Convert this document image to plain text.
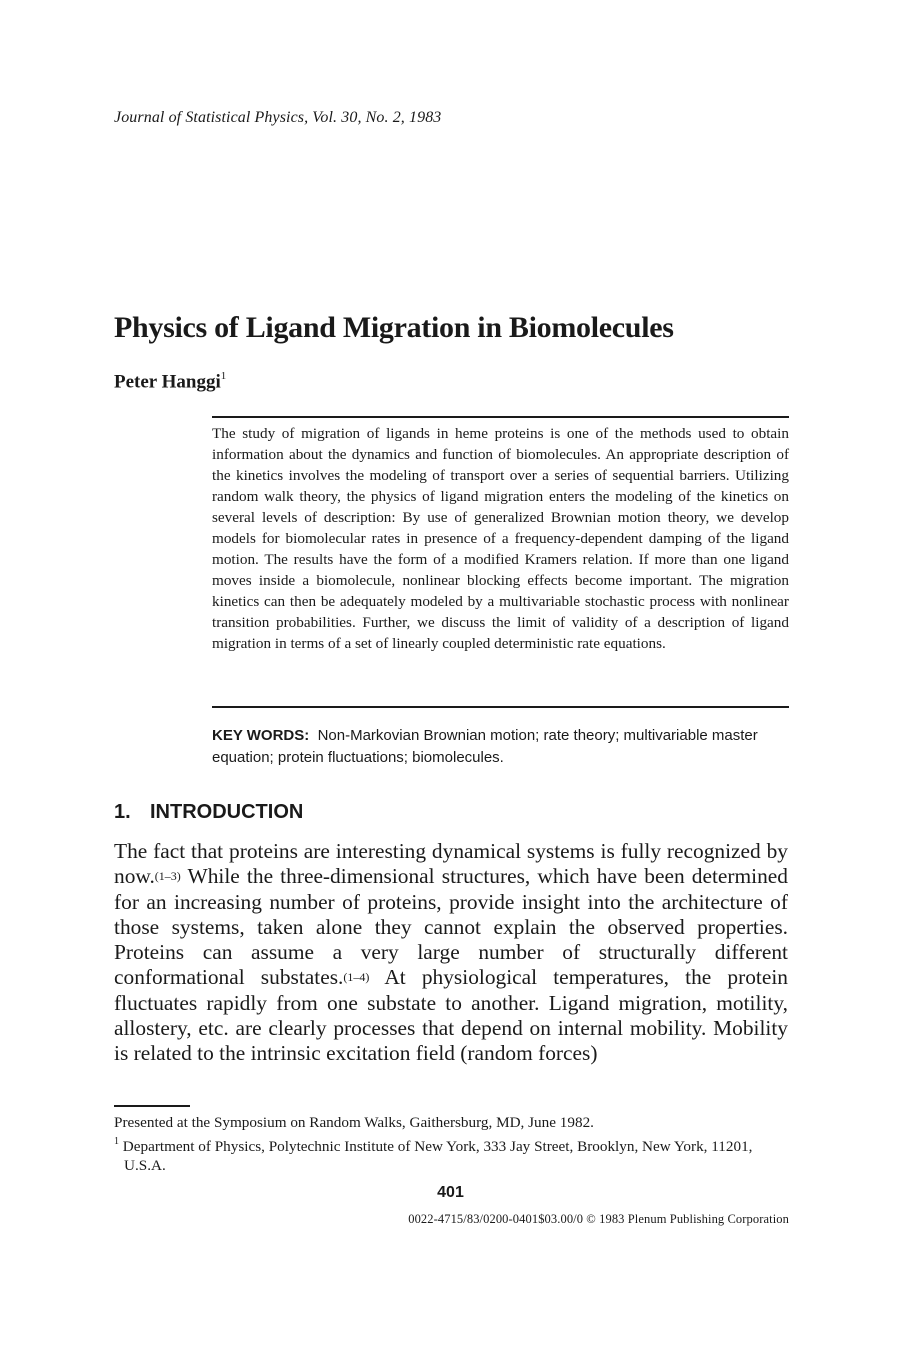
Journal of Statistical Physics, Vol. 30, No. 2, 1983
Physics of Ligand Migration in Biomolecules
Peter Hanggi$^1$

The study of migration of ligands in heme proteins is one of the methods used to obtain information about the dynamics and function of biomolecules. An appropriate description of the kinetics involves the modeling of transport over a series of sequential barriers. Utilizing random walk theory, the physics of ligand migration enters the modeling of the kinetics on several levels of description: By use of generalized Brownian motion theory, we develop models for biomolecular rates in presence of a frequency-dependent damping of the ligand motion. The results have the form of a modified Kramers relation. If more than one ligand moves inside a biomolecule, nonlinear blocking effects become important. The migration kinetics can then be adequately modeled by a multivariable stochastic process with nonlinear transition probabilities. Further, we discuss the limit of validity of a description of ligand migration in terms of a set of linearly coupled deterministic rate equations.

KEY WORDS: Non-Markovian Brownian motion; rate theory; multivariable master equation; protein fluctuations; biomolecules.

1. INTRODUCTION

The fact that proteins are interesting dynamical systems is fully recognized by now.$^{(1-3)}$ While the three-dimensional structures, which have been determined for an increasing number of proteins, provide insight into the architecture of those systems, taken alone they cannot explain the observed properties. Proteins can assume a very large number of structurally different conformational substates.$^{(1-4)}$ At physiological temperatures, the protein fluctuates rapidly from one substate to another. Ligand migration, motility, allostery, etc. are clearly processes that depend on internal mobility. Mobility is related to the intrinsic excitation field (random forces)

Presented at the Symposium on Random Walks, Gaithersburg, MD, June 1982.

$^1$ Department of Physics, Polytechnic Institute of New York, 333 Jay Street, Brooklyn, New York, 11201, U.S.A.

401
0022-4715/83/0200-0401$03.00/0 © 1983 Plenum Publishing Corporation
